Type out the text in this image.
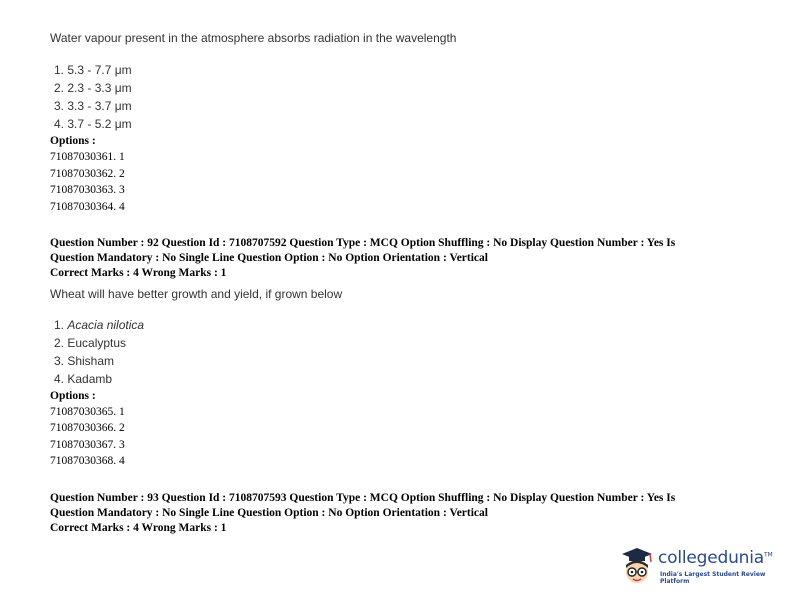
Water vapour present in the atmosphere absorbs radiation in the wavelength
1. 5.3 - 7.7 μm
2. 2.3 - 3.3 μm
3. 3.3 - 3.7 μm
4. 3.7 - 5.2 μm
Options :
71087030361. 1
71087030362. 2
71087030363. 3
71087030364. 4
Question Number : 92 Question Id : 7108707592 Question Type : MCQ Option Shuffling : No Display Question Number : Yes Is
Question Mandatory : No Single Line Question Option : No Option Orientation : Vertical
Correct Marks : 4 Wrong Marks : 1
Wheat will have better growth and yield, if grown below
1. Acacia nilotica
2. Eucalyptus
3. Shisham
4. Kadamb
Options :
71087030365. 1
71087030366. 2
71087030367. 3
71087030368. 4
Question Number : 93 Question Id : 7108707593 Question Type : MCQ Option Shuffling : No Display Question Number : Yes Is
Question Mandatory : No Single Line Question Option : No Option Orientation : Vertical
Correct Marks : 4 Wrong Marks : 1
collegedunia™
India's Largest Student Review Platform
